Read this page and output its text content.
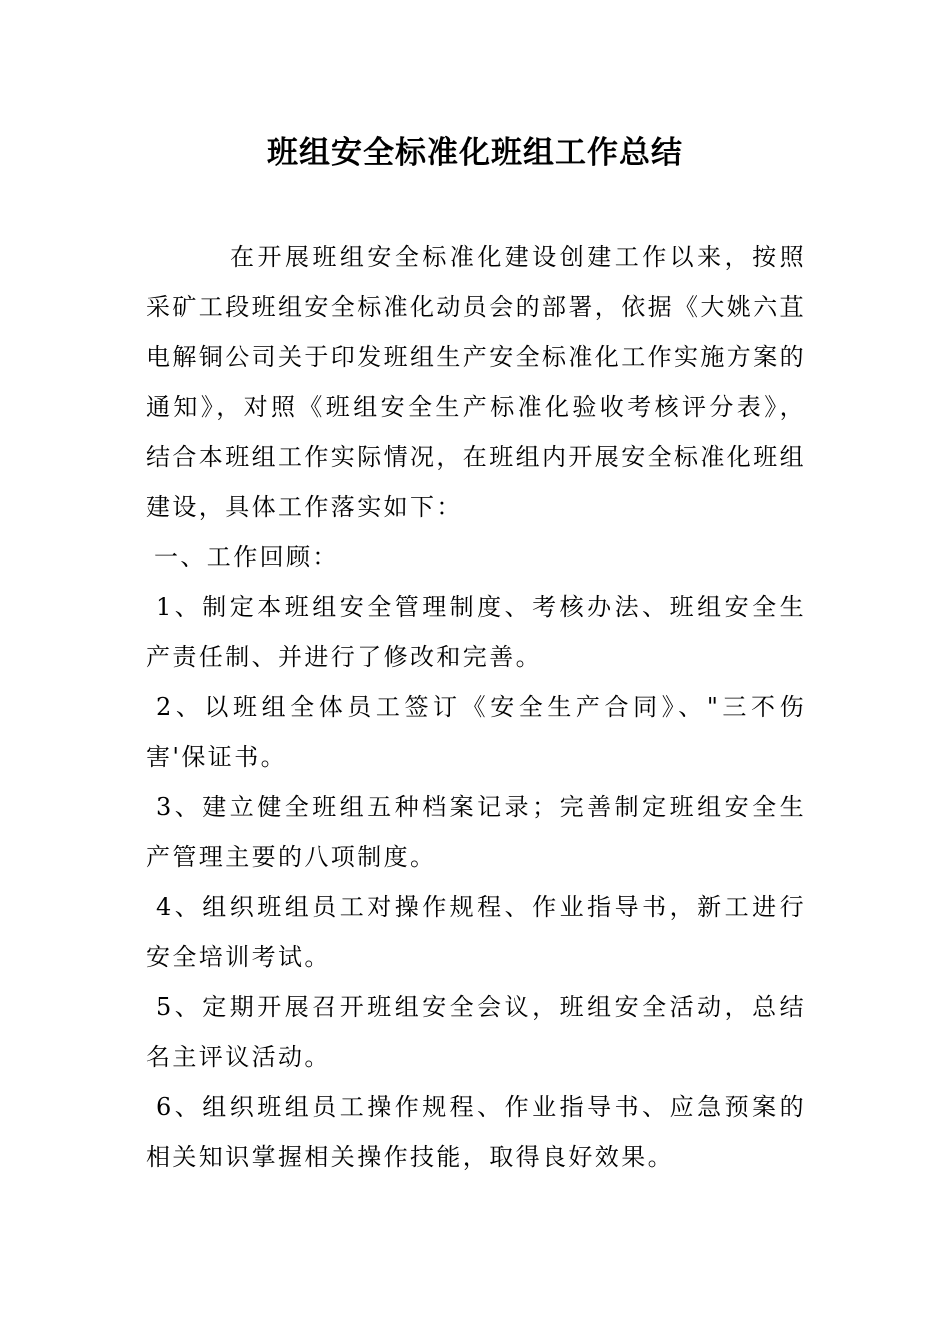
班组安全标准化班组工作总结

在开展班组安全标准化建设创建工作以来，按照采矿工段班组安全标准化动员会的部署，依据《大姚六苴电解铜公司关于印发班组生产安全标准化工作实施方案的通知》，对照《班组安全生产标准化验收考核评分表》，结合本班组工作实际情况，在班组内开展安全标准化班组建设，具体工作落实如下：

一、工作回顾：

1、制定本班组安全管理制度、考核办法、班组安全生产责任制、并进行了修改和完善。

2、以班组全体员工签订《安全生产合同》、"三不伤害'保证书。

3、建立健全班组五种档案记录；完善制定班组安全生产管理主要的八项制度。

4、组织班组员工对操作规程、作业指导书，新工进行安全培训考试。

5、定期开展召开班组安全会议，班组安全活动，总结名主评议活动。

6、组织班组员工操作规程、作业指导书、应急预案的相关知识掌握相关操作技能，取得良好效果。
